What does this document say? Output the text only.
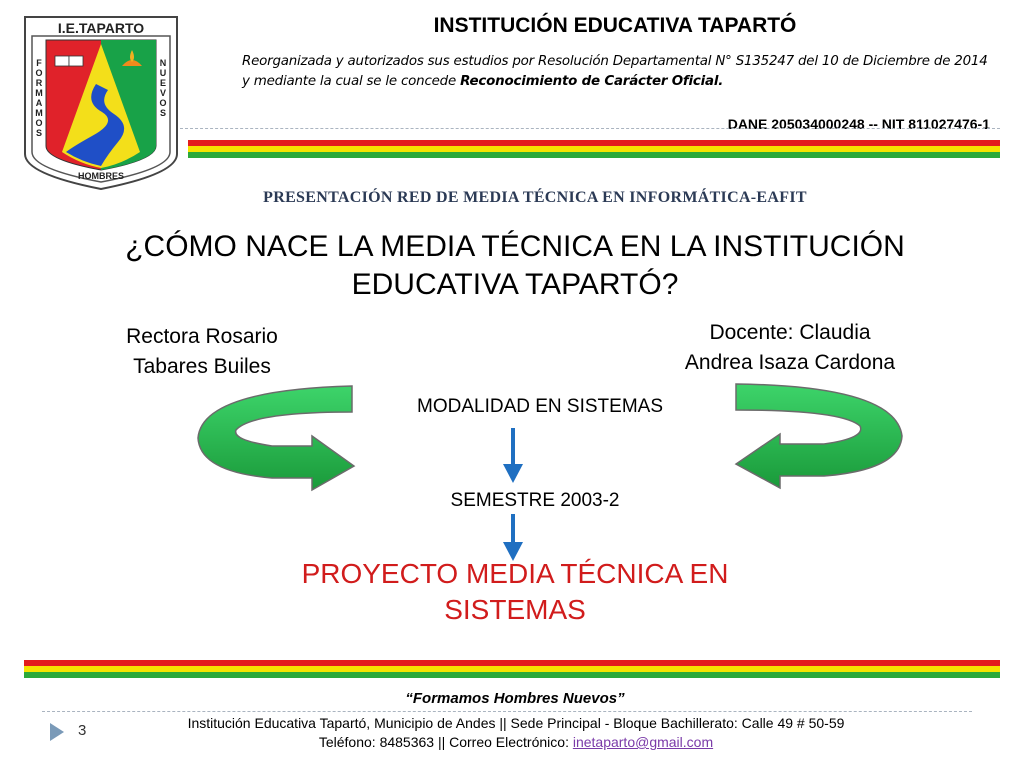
I.E.TAPARTO
HOMBRES
F
O
R
M
A
M
O
S
N
U
E
V
O
S
INSTITUCIÓN EDUCATIVA TAPARTÓ
Reorganizada y autorizados sus estudios por Resolución Departamental N° S135247 del 10 de Diciembre de 2014
y mediante la cual se le concede Reconocimiento de Carácter Oficial.
DANE 205034000248 -- NIT 811027476-1
PRESENTACIÓN RED DE MEDIA TÉCNICA EN INFORMÁTICA-EAFIT
¿CÓMO NACE LA MEDIA TÉCNICA EN LA INSTITUCIÓN
EDUCATIVA TAPARTÓ?
Rectora Rosario
Tabares Builes
Docente: Claudia
Andrea Isaza Cardona
MODALIDAD EN SISTEMAS
SEMESTRE 2003-2
PROYECTO MEDIA TÉCNICA EN
SISTEMAS
“Formamos Hombres Nuevos”
3	Institución Educativa Tapartó, Municipio de Andes || Sede Principal - Bloque Bachillerato: Calle 49 # 50-59
Teléfono: 8485363 || Correo Electrónico: inetaparto@gmail.com
